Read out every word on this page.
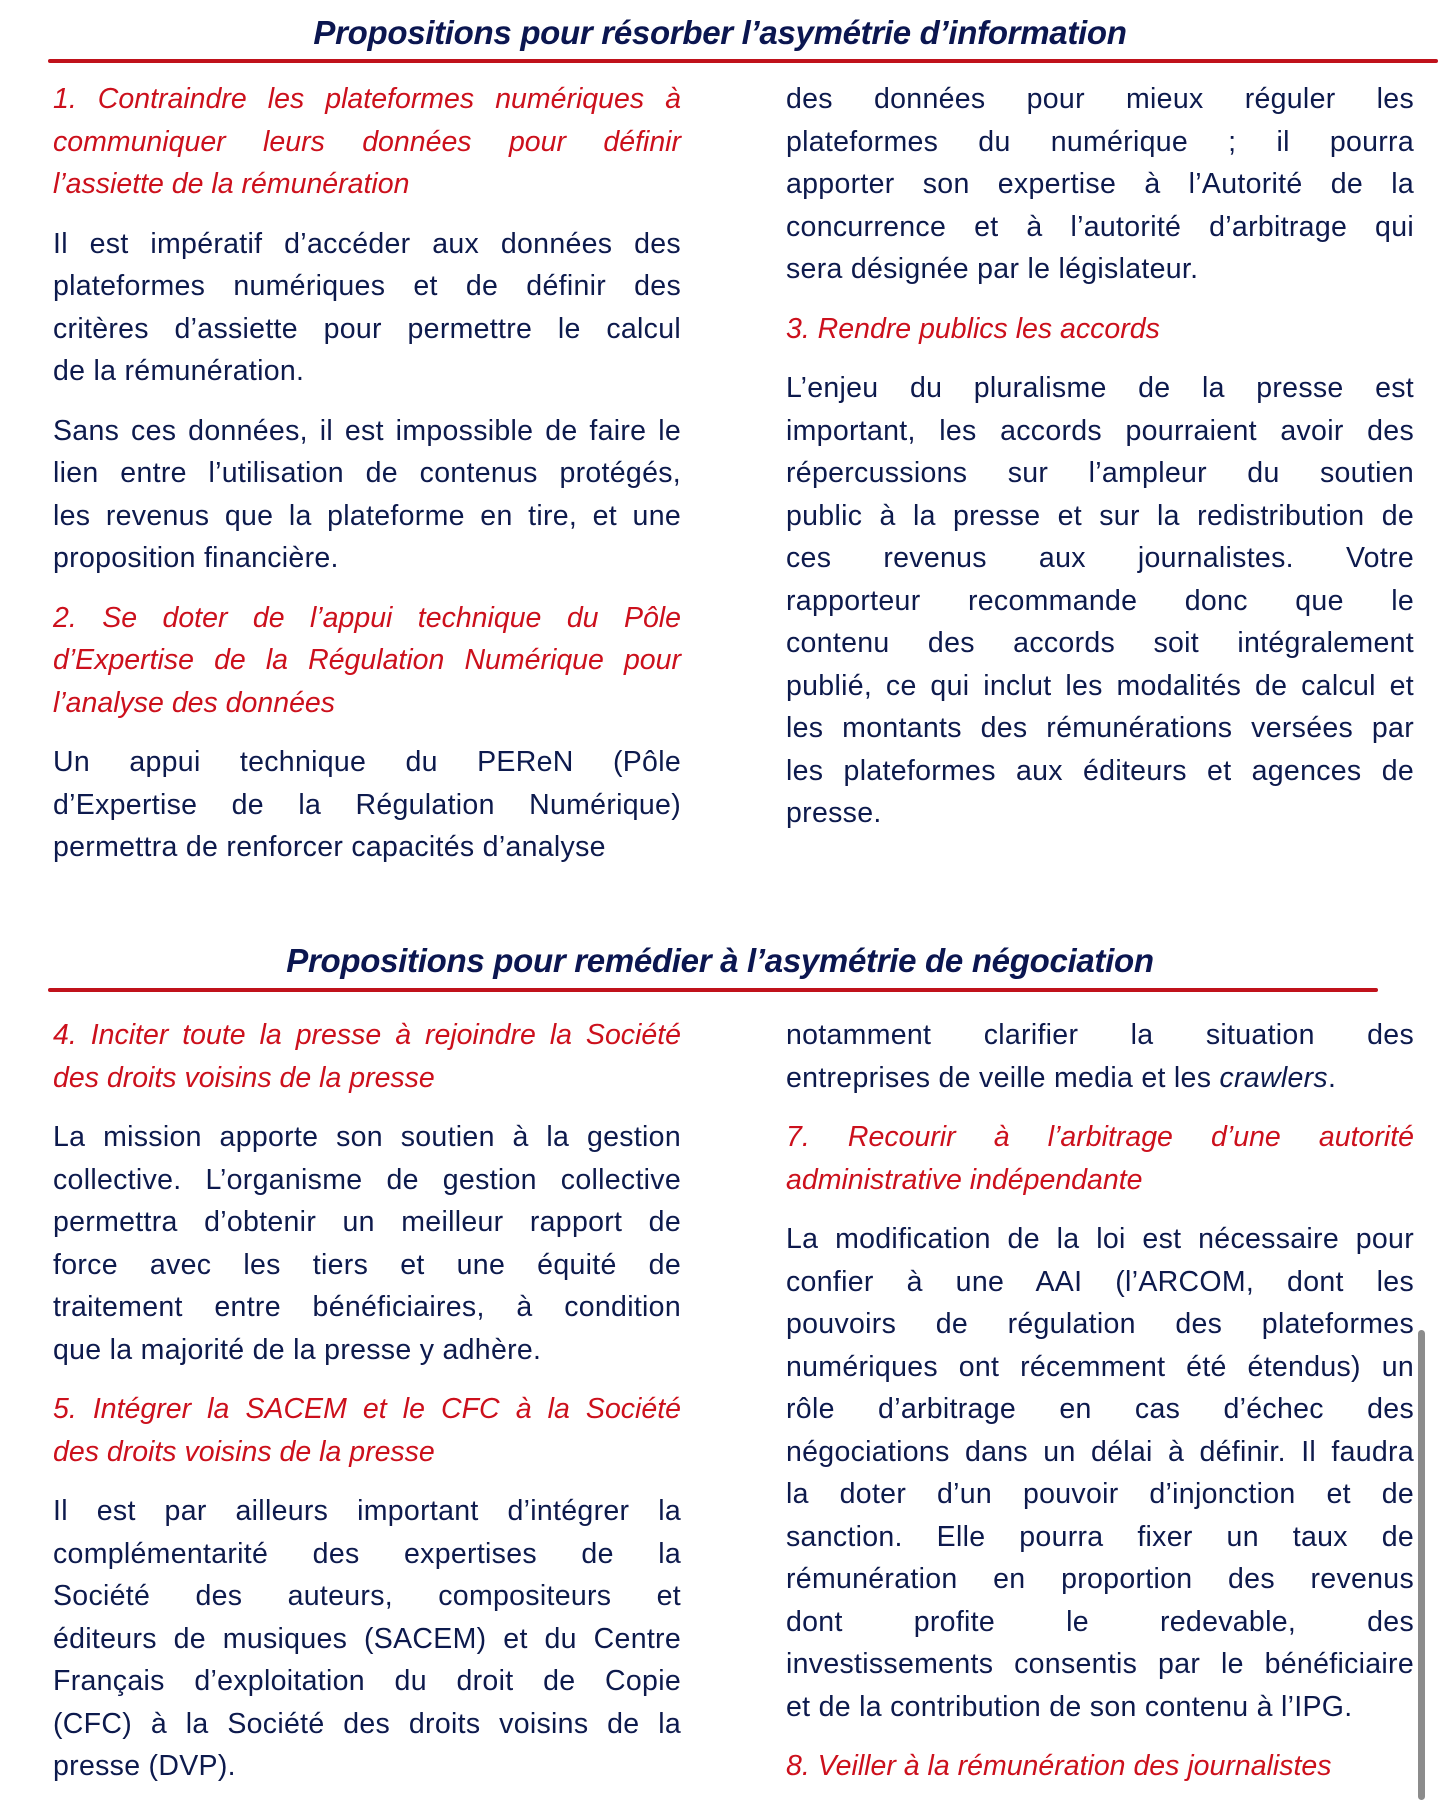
Propositions pour résorber l’asymétrie d’information
1. Contraindre les plateformes numériques à
communiquer leurs données pour définir
l’assiette de la rémunération
Il est impératif d’accéder aux données des
plateformes numériques et de définir des
critères d’assiette pour permettre le calcul
de la rémunération.
Sans ces données, il est impossible de faire le
lien entre l’utilisation de contenus protégés,
les revenus que la plateforme en tire, et une
proposition financière.
2. Se doter de l’appui technique du Pôle
d’Expertise de la Régulation Numérique pour
l’analyse des données
Un appui technique du PEReN (Pôle
d’Expertise de la Régulation Numérique)
permettra de renforcer capacités d’analyse
des données pour mieux réguler les
plateformes du numérique ; il pourra
apporter son expertise à l’Autorité de la
concurrence et à l’autorité d’arbitrage qui
sera désignée par le législateur.
3. Rendre publics les accords
L’enjeu du pluralisme de la presse est
important, les accords pourraient avoir des
répercussions sur l’ampleur du soutien
public à la presse et sur la redistribution de
ces revenus aux journalistes. Votre
rapporteur recommande donc que le
contenu des accords soit intégralement
publié, ce qui inclut les modalités de calcul et
les montants des rémunérations versées par
les plateformes aux éditeurs et agences de
presse.
Propositions pour remédier à l’asymétrie de négociation
4. Inciter toute la presse à rejoindre la Société
des droits voisins de la presse
La mission apporte son soutien à la gestion
collective. L’organisme de gestion collective
permettra d’obtenir un meilleur rapport de
force avec les tiers et une équité de
traitement entre bénéficiaires, à condition
que la majorité de la presse y adhère.
5. Intégrer la SACEM et le CFC à la Société
des droits voisins de la presse
Il est par ailleurs important d’intégrer la
complémentarité des expertises de la
Société des auteurs, compositeurs et
éditeurs de musiques (SACEM) et du Centre
Français d’exploitation du droit de Copie
(CFC) à la Société des droits voisins de la
presse (DVP).
notamment clarifier la situation des
entreprises de veille media et les crawlers.
7. Recourir à l’arbitrage d’une autorité
administrative indépendante
La modification de la loi est nécessaire pour
confier à une AAI (l’ARCOM, dont les
pouvoirs de régulation des plateformes
numériques ont récemment été étendus) un
rôle d’arbitrage en cas d’échec des
négociations dans un délai à définir. Il faudra
la doter d’un pouvoir d’injonction et de
sanction. Elle pourra fixer un taux de
rémunération en proportion des revenus
dont profite le redevable, des
investissements consentis par le bénéficiaire
et de la contribution de son contenu à l’IPG.
8. Veiller à la rémunération des journalistes
